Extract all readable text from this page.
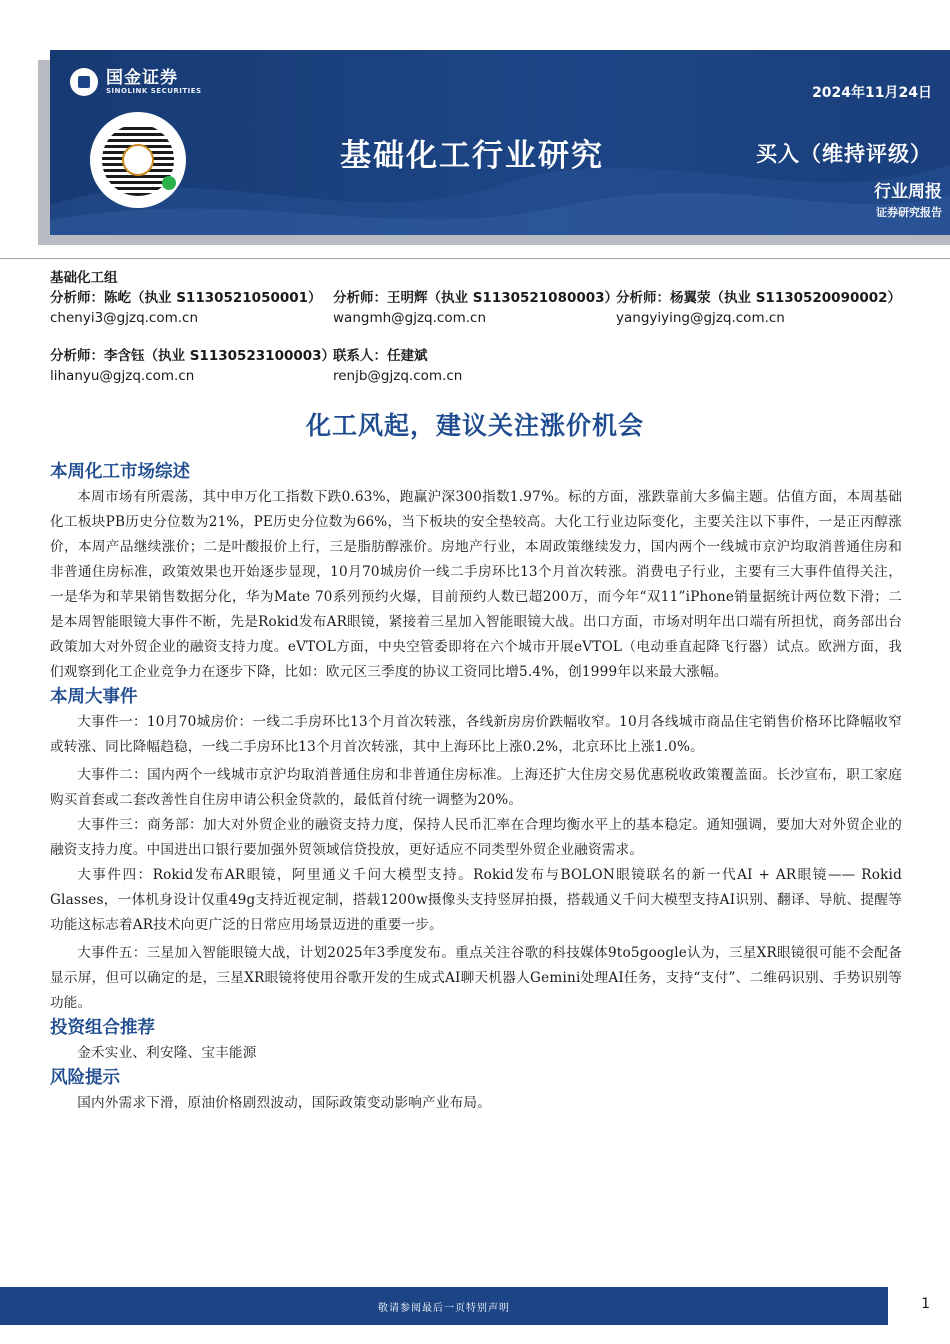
国金证券
SINOLINK SECURITIES
基础化工行业研究
2024年11月24日
买入（维持评级）
行业周报
证券研究报告
基础化工组
分析师：陈屹（执业 S1130521050001）
chenyi3@gjzq.com.cn
分析师：王明辉（执业 S1130521080003）
wangmh@gjzq.com.cn
分析师：杨翼荥（执业 S1130520090002）
yangyiying@gjzq.com.cn
分析师：李含钰（执业 S1130523100003）
lihanyu@gjzq.com.cn
联系人：任建斌
renjb@gjzq.com.cn
化工风起，建议关注涨价机会
本周化工市场综述

本周市场有所震荡，其中申万化工指数下跌0.63%，跑赢沪深300指数1.97%。标的方面，涨跌靠前大多偏主题。估值方面，本周基础化工板块PB历史分位数为21%，PE历史分位数为66%，当下板块的安全垫较高。大化工行业边际变化，主要关注以下事件，一是正丙醇涨价，本周产品继续涨价；二是叶酸报价上行，三是脂肪醇涨价。房地产行业，本周政策继续发力，国内两个一线城市京沪均取消普通住房和非普通住房标准，政策效果也开始逐步显现，10月70城房价一线二手房环比13个月首次转涨。消费电子行业，主要有三大事件值得关注，一是华为和苹果销售数据分化，华为Mate 70系列预约火爆，目前预约人数已超200万，而今年“双11”iPhone销量据统计两位数下滑；二是本周智能眼镜大事件不断，先是Rokid发布AR眼镜，紧接着三星加入智能眼镜大战。出口方面，市场对明年出口端有所担忧，商务部出台政策加大对外贸企业的融资支持力度。eVTOL方面，中央空管委即将在六个城市开展eVTOL（电动垂直起降飞行器）试点。欧洲方面，我们观察到化工企业竞争力在逐步下降，比如：欧元区三季度的协议工资同比增5.4%，创1999年以来最大涨幅。

本周大事件

大事件一：10月70城房价：一线二手房环比13个月首次转涨，各线新房房价跌幅收窄。10月各线城市商品住宅销售价格环比降幅收窄或转涨、同比降幅趋稳，一线二手房环比13个月首次转涨，其中上海环比上涨0.2%，北京环比上涨1.0%。

大事件二：国内两个一线城市京沪均取消普通住房和非普通住房标准。上海还扩大住房交易优惠税收政策覆盖面。长沙宣布，职工家庭购买首套或二套改善性自住房申请公积金贷款的，最低首付统一调整为20%。

大事件三：商务部：加大对外贸企业的融资支持力度，保持人民币汇率在合理均衡水平上的基本稳定。通知强调，要加大对外贸企业的融资支持力度。中国进出口银行要加强外贸领域信贷投放，更好适应不同类型外贸企业融资需求。

大事件四：Rokid发布AR眼镜，阿里通义千问大模型支持。Rokid发布与BOLON眼镜联名的新一代AI + AR眼镜—— Rokid Glasses，一体机身设计仅重49g支持近视定制，搭载1200w摄像头支持竖屏拍摄，搭载通义千问大模型支持AI识别、翻译、导航、提醒等功能这标志着AR技术向更广泛的日常应用场景迈进的重要一步。

大事件五：三星加入智能眼镜大战，计划2025年3季度发布。重点关注谷歌的科技媒体9to5google认为，三星XR眼镜很可能不会配备显示屏，但可以确定的是，三星XR眼镜将使用谷歌开发的生成式AI聊天机器人Gemini处理AI任务，支持“支付”、二维码识别、手势识别等功能。

投资组合推荐

金禾实业、利安隆、宝丰能源

风险提示

国内外需求下滑，原油价格剧烈波动，国际政策变动影响产业布局。

敬请参阅最后一页特别声明	1
